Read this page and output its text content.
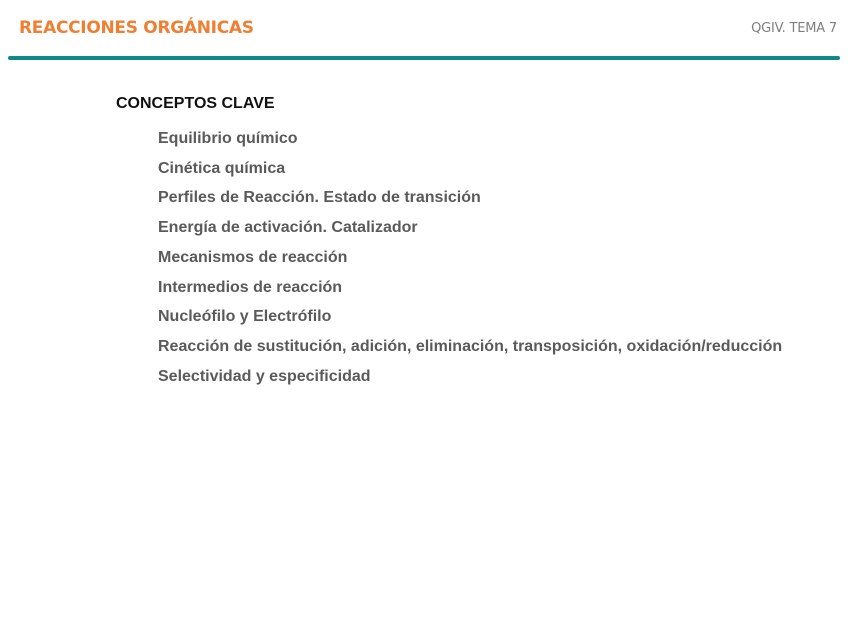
REACCIONES ORGÁNICAS	QGIV. TEMA 7
CONCEPTOS CLAVE
Equilibrio químico
Cinética química
Perfiles de Reacción. Estado de transición
Energía de activación. Catalizador
Mecanismos de reacción
Intermedios de reacción
Nucleófilo y Electrófilo
Reacción de sustitución, adición, eliminación, transposición, oxidación/reducción
Selectividad y especificidad
